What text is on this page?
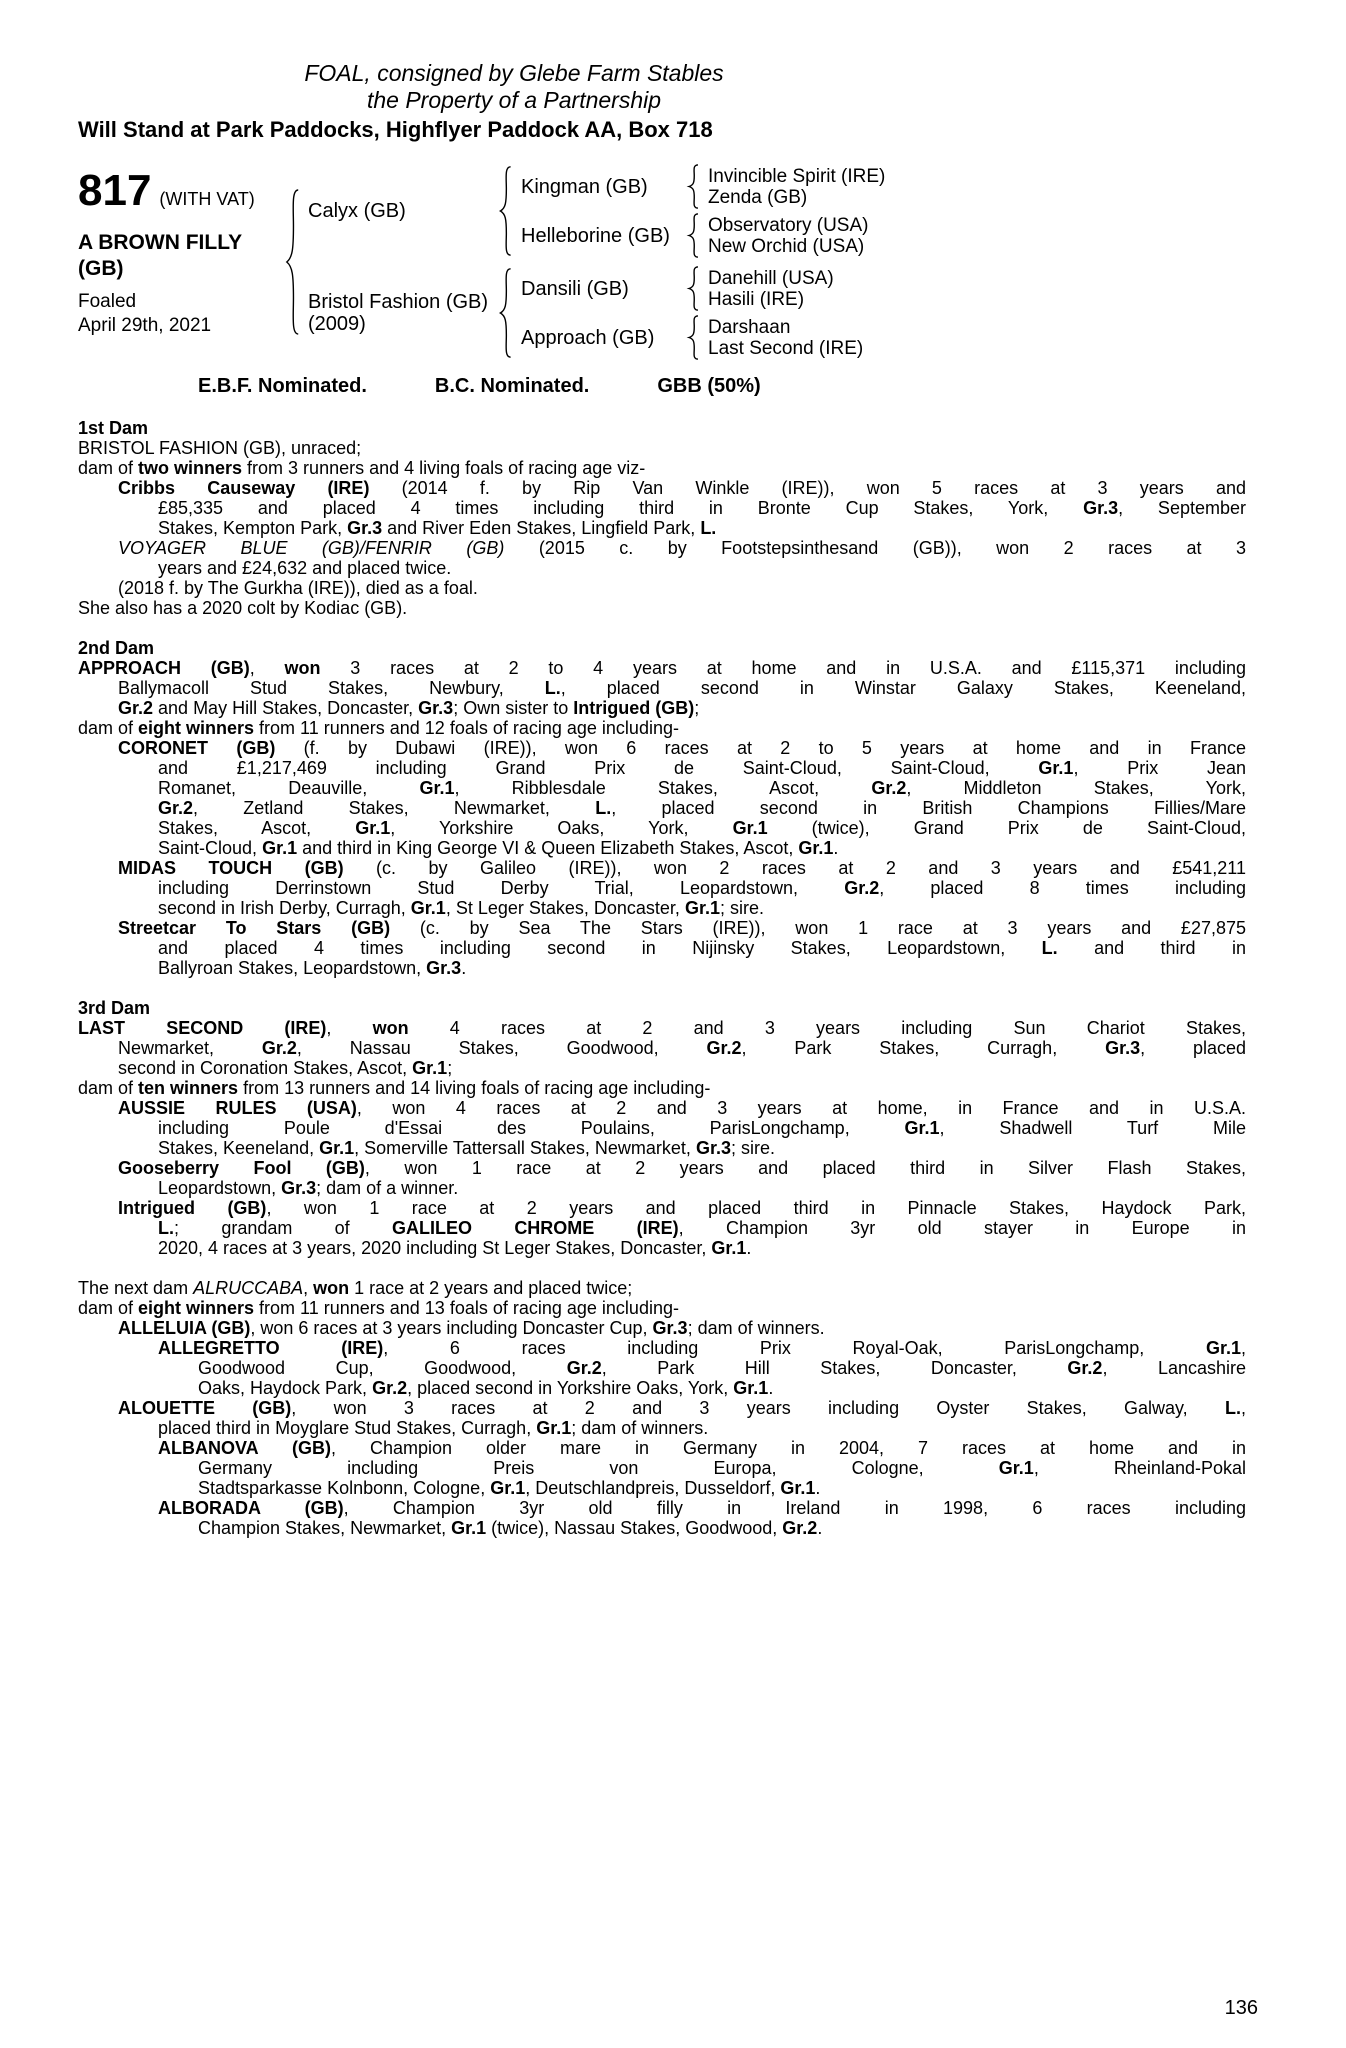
FOAL, consigned by Glebe Farm Stables
the Property of a Partnership
Will Stand at Park Paddocks, Highflyer Paddock AA, Box 718
817 (WITH VAT)
A BROWN FILLY
(GB)
Foaled
April 29th, 2021
Calyx (GB)
Kingman (GB)	Invincible Spirit (IRE)
Zenda (GB)
Helleborine (GB)	Observatory (USA)
New Orchid (USA)
Bristol Fashion (GB)
(2009)
Dansili (GB)	Danehill (USA)
Hasili (IRE)
Approach (GB)	Darshaan
Last Second (IRE)
E.B.F. Nominated.	B.C. Nominated.	GBB (50%)
1st Dam
BRISTOL FASHION (GB), unraced;
dam of two winners from 3 runners and 4 living foals of racing age viz-
Cribbs Causeway (IRE) (2014 f. by Rip Van Winkle (IRE)), won 5 races at 3 years and
£85,335 and placed 4 times including third in Bronte Cup Stakes, York, Gr.3, September
Stakes, Kempton Park, Gr.3 and River Eden Stakes, Lingfield Park, L.
VOYAGER BLUE (GB)/FENRIR (GB) (2015 c. by Footstepsinthesand (GB)), won 2 races at 3
years and £24,632 and placed twice.
(2018 f. by The Gurkha (IRE)), died as a foal.
She also has a 2020 colt by Kodiac (GB).
2nd Dam
APPROACH (GB), won 3 races at 2 to 4 years at home and in U.S.A. and £115,371 including
Ballymacoll Stud Stakes, Newbury, L., placed second in Winstar Galaxy Stakes, Keeneland,
Gr.2 and May Hill Stakes, Doncaster, Gr.3; Own sister to Intrigued (GB);
dam of eight winners from 11 runners and 12 foals of racing age including-
CORONET (GB) (f. by Dubawi (IRE)), won 6 races at 2 to 5 years at home and in France
and £1,217,469 including Grand Prix de Saint-Cloud, Saint-Cloud, Gr.1, Prix Jean
Romanet, Deauville, Gr.1, Ribblesdale Stakes, Ascot, Gr.2, Middleton Stakes, York,
Gr.2, Zetland Stakes, Newmarket, L., placed second in British Champions Fillies/Mare
Stakes, Ascot, Gr.1, Yorkshire Oaks, York, Gr.1 (twice), Grand Prix de Saint-Cloud,
Saint-Cloud, Gr.1 and third in King George VI & Queen Elizabeth Stakes, Ascot, Gr.1.
MIDAS TOUCH (GB) (c. by Galileo (IRE)), won 2 races at 2 and 3 years and £541,211
including Derrinstown Stud Derby Trial, Leopardstown, Gr.2, placed 8 times including
second in Irish Derby, Curragh, Gr.1, St Leger Stakes, Doncaster, Gr.1; sire.
Streetcar To Stars (GB) (c. by Sea The Stars (IRE)), won 1 race at 3 years and £27,875
and placed 4 times including second in Nijinsky Stakes, Leopardstown, L. and third in
Ballyroan Stakes, Leopardstown, Gr.3.
3rd Dam
LAST SECOND (IRE), won 4 races at 2 and 3 years including Sun Chariot Stakes,
Newmarket, Gr.2, Nassau Stakes, Goodwood, Gr.2, Park Stakes, Curragh, Gr.3, placed
second in Coronation Stakes, Ascot, Gr.1;
dam of ten winners from 13 runners and 14 living foals of racing age including-
AUSSIE RULES (USA), won 4 races at 2 and 3 years at home, in France and in U.S.A.
including Poule d'Essai des Poulains, ParisLongchamp, Gr.1, Shadwell Turf Mile
Stakes, Keeneland, Gr.1, Somerville Tattersall Stakes, Newmarket, Gr.3; sire.
Gooseberry Fool (GB), won 1 race at 2 years and placed third in Silver Flash Stakes,
Leopardstown, Gr.3; dam of a winner.
Intrigued (GB), won 1 race at 2 years and placed third in Pinnacle Stakes, Haydock Park,
L.; grandam of GALILEO CHROME (IRE), Champion 3yr old stayer in Europe in
2020, 4 races at 3 years, 2020 including St Leger Stakes, Doncaster, Gr.1.
The next dam ALRUCCABA, won 1 race at 2 years and placed twice;
dam of eight winners from 11 runners and 13 foals of racing age including-
ALLELUIA (GB), won 6 races at 3 years including Doncaster Cup, Gr.3; dam of winners.
ALLEGRETTO (IRE), 6 races including Prix Royal-Oak, ParisLongchamp, Gr.1,
Goodwood Cup, Goodwood, Gr.2, Park Hill Stakes, Doncaster, Gr.2, Lancashire
Oaks, Haydock Park, Gr.2, placed second in Yorkshire Oaks, York, Gr.1.
ALOUETTE (GB), won 3 races at 2 and 3 years including Oyster Stakes, Galway, L.,
placed third in Moyglare Stud Stakes, Curragh, Gr.1; dam of winners.
ALBANOVA (GB), Champion older mare in Germany in 2004, 7 races at home and in
Germany including Preis von Europa, Cologne, Gr.1, Rheinland-Pokal
Stadtsparkasse Kolnbonn, Cologne, Gr.1, Deutschlandpreis, Dusseldorf, Gr.1.
ALBORADA (GB), Champion 3yr old filly in Ireland in 1998, 6 races including
Champion Stakes, Newmarket, Gr.1 (twice), Nassau Stakes, Goodwood, Gr.2.
136
